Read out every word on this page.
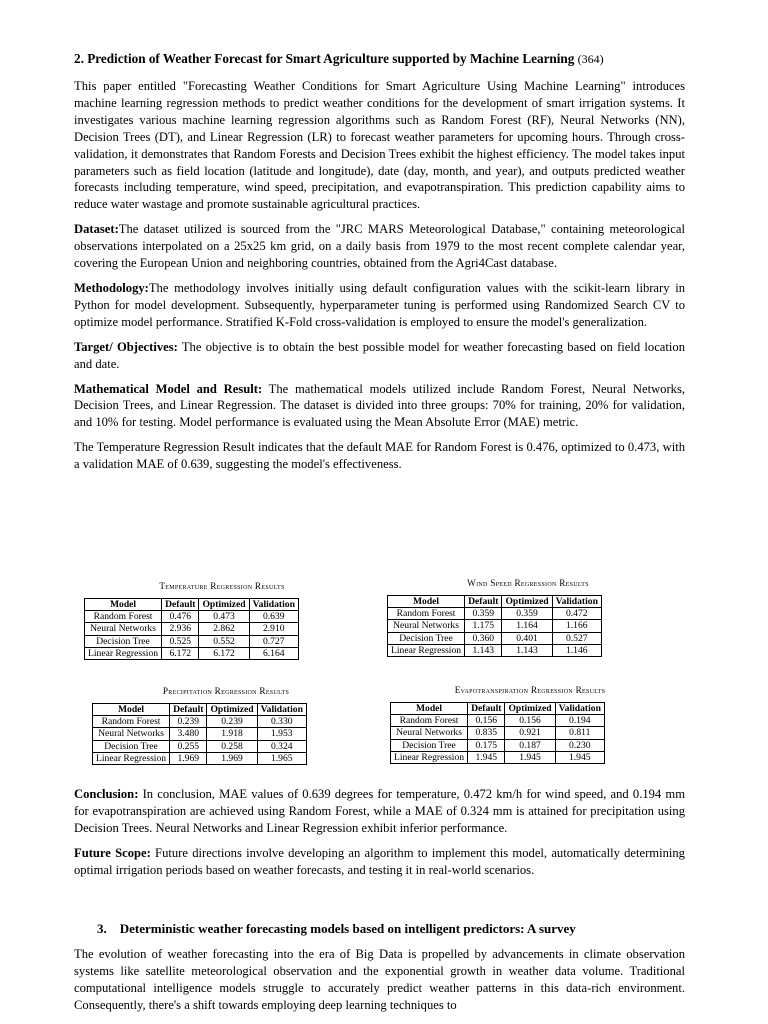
2. Prediction of Weather Forecast for Smart Agriculture supported by Machine Learning (364)

This paper entitled "Forecasting Weather Conditions for Smart Agriculture Using Machine Learning" introduces machine learning regression methods to predict weather conditions for the development of smart irrigation systems. It investigates various machine learning regression algorithms such as Random Forest (RF), Neural Networks (NN), Decision Trees (DT), and Linear Regression (LR) to forecast weather parameters for upcoming hours. Through cross-validation, it demonstrates that Random Forests and Decision Trees exhibit the highest efficiency. The model takes input parameters such as field location (latitude and longitude), date (day, month, and year), and outputs predicted weather forecasts including temperature, wind speed, precipitation, and evapotranspiration. This prediction capability aims to reduce water wastage and promote sustainable agricultural practices.

Dataset:The dataset utilized is sourced from the "JRC MARS Meteorological Database," containing meteorological observations interpolated on a 25x25 km grid, on a daily basis from 1979 to the most recent complete calendar year, covering the European Union and neighboring countries, obtained from the Agri4Cast database.

Methodology:The methodology involves initially using default configuration values with the scikit-learn library in Python for model development. Subsequently, hyperparameter tuning is performed using Randomized Search CV to optimize model performance. Stratified K-Fold cross-validation is employed to ensure the model's generalization.

Target/ Objectives: The objective is to obtain the best possible model for weather forecasting based on field location and date.

Mathematical Model and Result: The mathematical models utilized include Random Forest, Neural Networks, Decision Trees, and Linear Regression. The dataset is divided into three groups: 70% for training, 20% for validation, and 10% for testing. Model performance is evaluated using the Mean Absolute Error (MAE) metric.

The Temperature Regression Result indicates that the default MAE for Random Forest is 0.476, optimized to 0.473, with a validation MAE of 0.639, suggesting the model's effectiveness.

Temperature Regression Results
Model	Default	Optimized	Validation
Random Forest	0.476	0.473	0.639
Neural Networks	2.936	2.862	2.910
Decision Tree	0.525	0.552	0.727
Linear Regression	6.172	6.172	6.164
Wind Speed Regression Results
Model	Default	Optimized	Validation
Random Forest	0.359	0.359	0.472
Neural Networks	1.175	1.164	1.166
Decision Tree	0.360	0.401	0.527
Linear Regression	1.143	1.143	1.146
Precipitation Regression Results
Model	Default	Optimized	Validation
Random Forest	0.239	0.239	0.330
Neural Networks	3.480	1.918	1.953
Decision Tree	0.255	0.258	0.324
Linear Regression	1.969	1.969	1.965
Evapotranspiration Regression Results
Model	Default	Optimized	Validation
Random Forest	0.156	0.156	0.194
Neural Networks	0.835	0.921	0.811
Decision Tree	0.175	0.187	0.230
Linear Regression	1.945	1.945	1.945

Conclusion: In conclusion, MAE values of 0.639 degrees for temperature, 0.472 km/h for wind speed, and 0.194 mm for evapotranspiration are achieved using Random Forest, while a MAE of 0.324 mm is attained for precipitation using Decision Trees. Neural Networks and Linear Regression exhibit inferior performance.

Future Scope: Future directions involve developing an algorithm to implement this model, automatically determining optimal irrigation periods based on weather forecasts, and testing it in real-world scenarios.

3. Deterministic weather forecasting models based on intelligent predictors: A survey

The evolution of weather forecasting into the era of Big Data is propelled by advancements in climate observation systems like satellite meteorological observation and the exponential growth in weather data volume. Traditional computational intelligence models struggle to accurately predict weather patterns in this data-rich environment. Consequently, there's a shift towards employing deep learning techniques to
